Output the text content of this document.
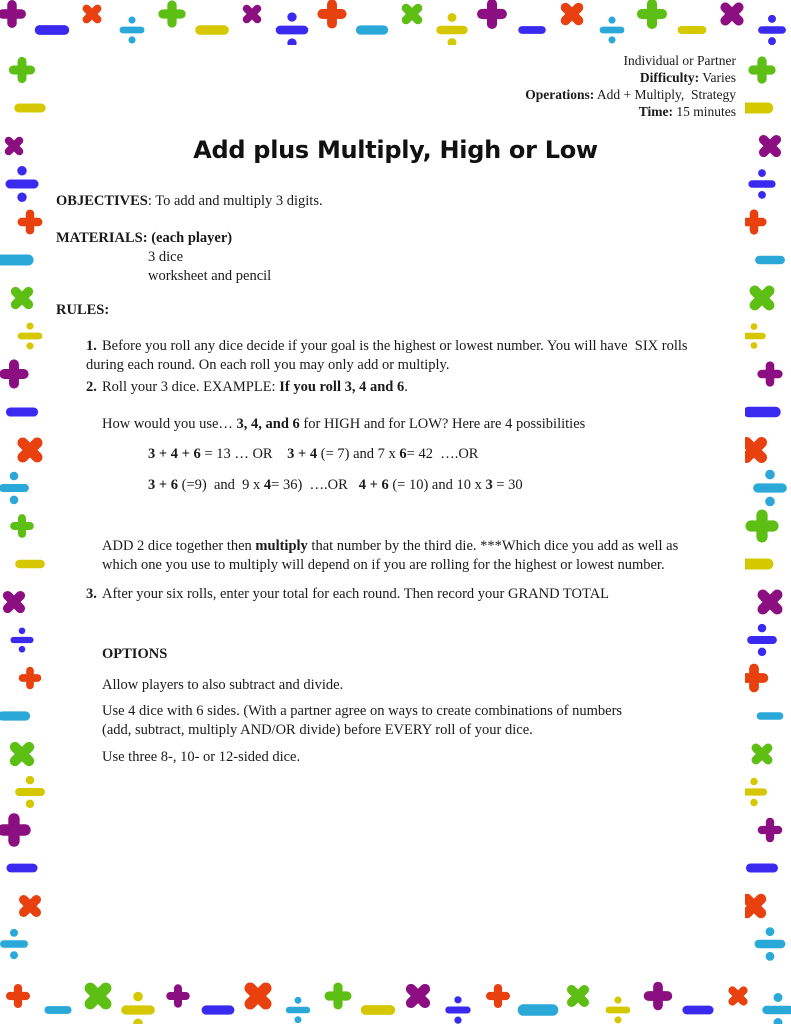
Individual or Partner
Difficulty: Varies
Operations: Add + Multiply,  Strategy
Time: 15 minutes
Add plus Multiply, High or Low
OBJECTIVES: To add and multiply 3 digits.
MATERIALS: (each player)
3 dice
worksheet and pencil
RULES:
1. Before you roll any dice decide if your goal is the highest or lowest number. You will have  SIX rolls
during each round. On each roll you may only add or multiply.
2. Roll your 3 dice. EXAMPLE: If you roll 3, 4 and 6.
How would you use… 3, 4, and 6 for HIGH and for LOW? Here are 4 possibilities
3 + 4 + 6 = 13 … OR    3 + 4 (= 7) and 7 x 6= 42  ….OR
3 + 6 (=9)  and  9 x 4= 36)  ….OR   4 + 6 (= 10) and 10 x 3 = 30
ADD 2 dice together then multiply that number by the third die. ***Which dice you add as well as
which one you use to multiply will depend on if you are rolling for the highest or lowest number.
3. After your six rolls, enter your total for each round. Then record your GRAND TOTAL
OPTIONS
Allow players to also subtract and divide.
Use 4 dice with 6 sides. (With a partner agree on ways to create combinations of numbers
(add, subtract, multiply AND/OR divide) before EVERY roll of your dice.
Use three 8-, 10- or 12-sided dice.
